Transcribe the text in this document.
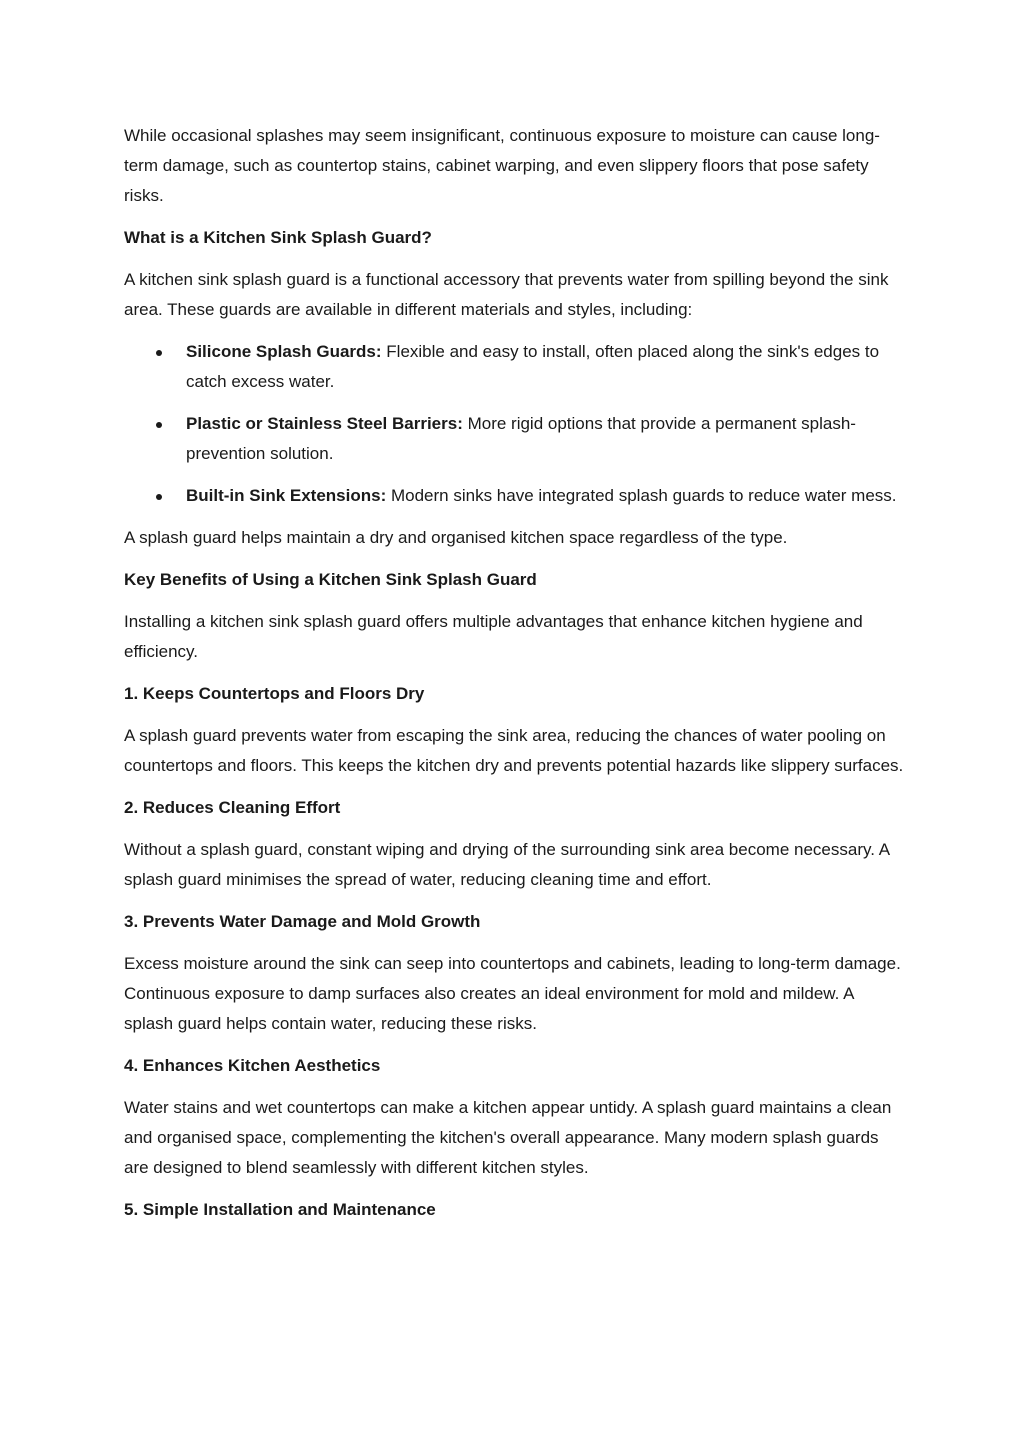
While occasional splashes may seem insignificant, continuous exposure to moisture can cause long-term damage, such as countertop stains, cabinet warping, and even slippery floors that pose safety risks.

What is a Kitchen Sink Splash Guard?

A kitchen sink splash guard is a functional accessory that prevents water from spilling beyond the sink area. These guards are available in different materials and styles, including:

Silicone Splash Guards: Flexible and easy to install, often placed along the sink's edges to catch excess water.
Plastic or Stainless Steel Barriers: More rigid options that provide a permanent splash-prevention solution.
Built-in Sink Extensions: Modern sinks have integrated splash guards to reduce water mess.

A splash guard helps maintain a dry and organised kitchen space regardless of the type.

Key Benefits of Using a Kitchen Sink Splash Guard

Installing a kitchen sink splash guard offers multiple advantages that enhance kitchen hygiene and efficiency.

1. Keeps Countertops and Floors Dry

A splash guard prevents water from escaping the sink area, reducing the chances of water pooling on countertops and floors. This keeps the kitchen dry and prevents potential hazards like slippery surfaces.

2. Reduces Cleaning Effort

Without a splash guard, constant wiping and drying of the surrounding sink area become necessary. A splash guard minimises the spread of water, reducing cleaning time and effort.

3. Prevents Water Damage and Mold Growth

Excess moisture around the sink can seep into countertops and cabinets, leading to long-term damage. Continuous exposure to damp surfaces also creates an ideal environment for mold and mildew. A splash guard helps contain water, reducing these risks.

4. Enhances Kitchen Aesthetics

Water stains and wet countertops can make a kitchen appear untidy. A splash guard maintains a clean and organised space, complementing the kitchen's overall appearance. Many modern splash guards are designed to blend seamlessly with different kitchen styles.

5. Simple Installation and Maintenance
